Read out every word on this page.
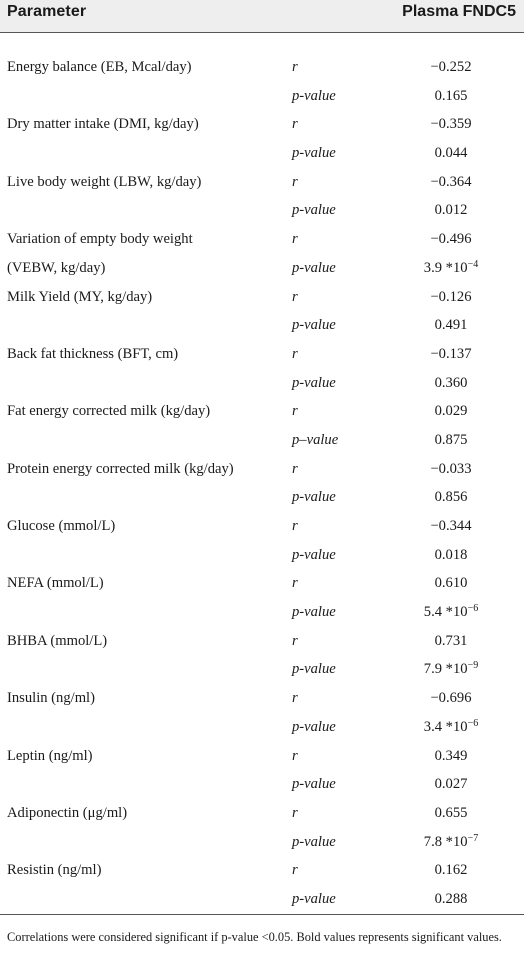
Parameter	Plasma FNDC5
Energy balance (EB, Mcal/day)	r	−0.252
p-value	0.165
Dry matter intake (DMI, kg/day)	r	−0.359
p-value	0.044
Live body weight (LBW, kg/day)	r	−0.364
p-value	0.012
Variation of empty body weight	r	−0.496
(VEBW, kg/day)	p-value	3.9 $*10^{-4}$
Milk Yield (MY, kg/day)	r	−0.126
p-value	0.491
Back fat thickness (BFT, cm)	r	−0.137
p-value	0.360
Fat energy corrected milk (kg/day)	r	0.029
p–value	0.875
Protein energy corrected milk (kg/day)	r	−0.033
p-value	0.856
Glucose (mmol/L)	r	−0.344
p-value	0.018
NEFA (mmol/L)	r	0.610
p-value	5.4 $*10^{-6}$
BHBA (mmol/L)	r	0.731
p-value	7.9 $*10^{-9}$
Insulin (ng/ml)	r	−0.696
p-value	3.4 $*10^{-6}$
Leptin (ng/ml)	r	0.349
p-value	0.027
Adiponectin (μg/ml)	r	0.655
p-value	7.8 $*10^{-7}$
Resistin (ng/ml)	r	0.162
p-value	0.288
Correlations were considered significant if p-value <0.05. Bold values represents significant values.
